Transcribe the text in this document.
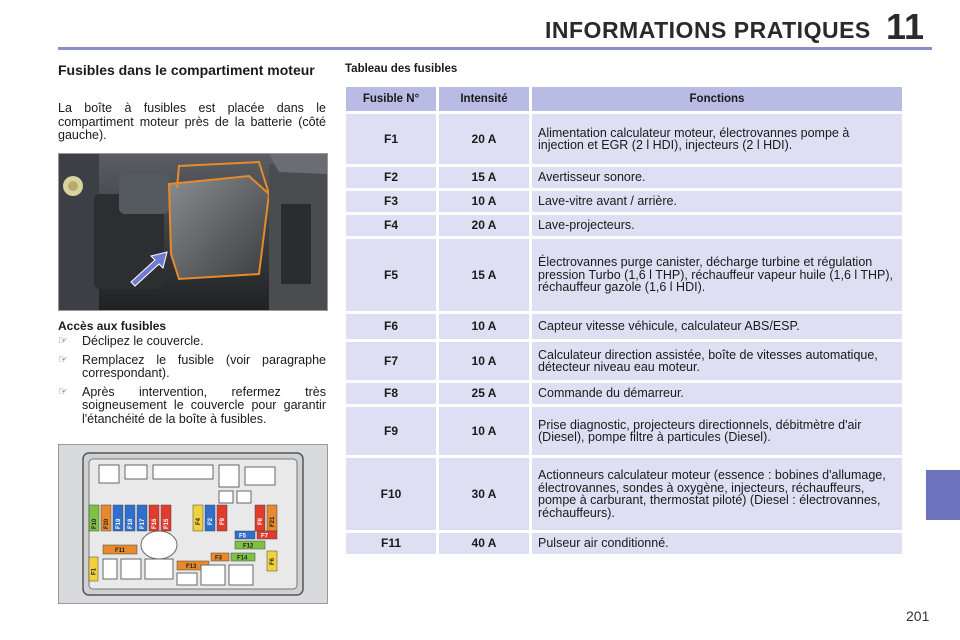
INFORMATIONS PRATIQUES 11
201
Fusibles dans le compartiment moteur
La boîte à fusibles est placée dans le compartiment moteur près de la batterie (côté gauche).
Accès aux fusibles
☞ Déclipez le couvercle.
☞ Remplacez le fusible (voir paragraphe correspondant).
☞ Après intervention, refermez très soigneusement le couvercle pour garantir l'étanchéité de la boîte à fusibles.
F10 F20 F19 F18 F17 F16 F15	F4 F2 F9	F8 F21
F5 F7
F12
F11
F3 F14	F6
F13
F1
Tableau des fusibles
Fusible N°	Intensité	Fonctions
F1	20 A	Alimentation calculateur moteur, électrovannes pompe à injection et EGR (2 l HDI), injecteurs (2 l HDI).
F2	15 A	Avertisseur sonore.
F3	10 A	Lave-vitre avant / arrière.
F4	20 A	Lave-projecteurs.
F5	15 A	Électrovannes purge canister, décharge turbine et régulation pression Turbo (1,6 l THP), réchauffeur vapeur huile (1,6 l THP), réchauffeur gazole (1,6 l HDI).
F6	10 A	Capteur vitesse véhicule, calculateur ABS/ESP.
F7	10 A	Calculateur direction assistée, boîte de vitesses automatique, détecteur niveau eau moteur.
F8	25 A	Commande du démarreur.
F9	10 A	Prise diagnostic, projecteurs directionnels, débitmètre d'air (Diesel), pompe filtre à particules (Diesel).
F10	30 A	Actionneurs calculateur moteur (essence : bobines d'allumage, électrovannes, sondes à oxygène, injecteurs, réchauffeurs, pompe à carburant, thermostat piloté) (Diesel : électrovannes, réchauffeurs).
F11	40 A	Pulseur air conditionné.
